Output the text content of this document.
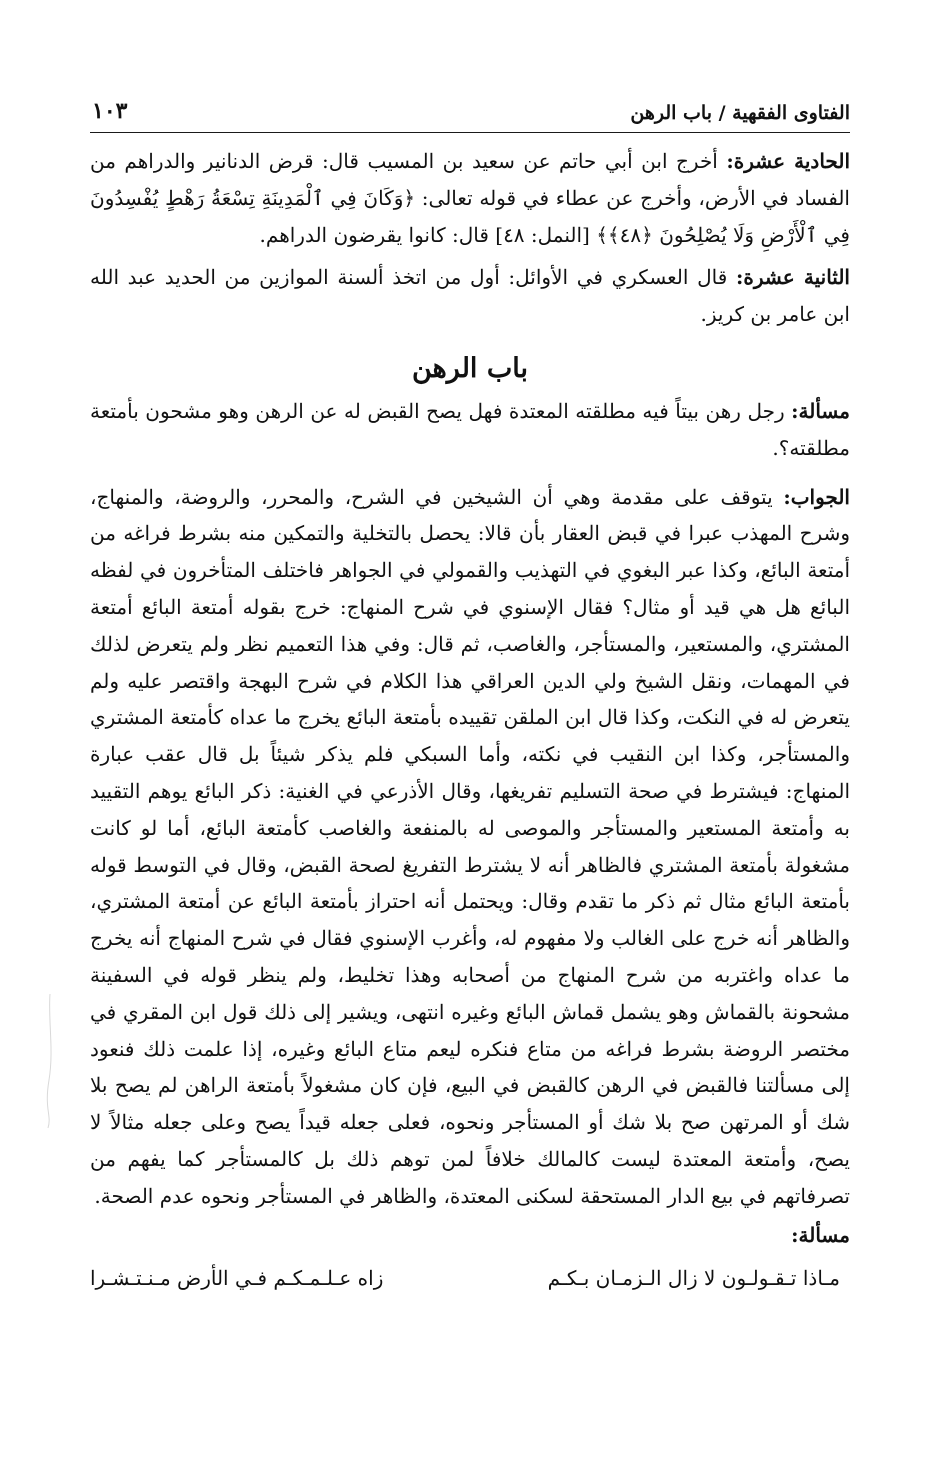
الفتاوى الفقهية / باب الرهن
١٠٣

الحادية عشرة: أخرج ابن أبي حاتم عن سعيد بن المسيب قال: قرض الدنانير والدراهم من الفساد في الأرض، وأخرج عن عطاء في قوله تعالى: ﴿وَكَانَ فِي ٱلْمَدِينَةِ تِسْعَةُ رَهْطٍ يُفْسِدُونَ فِي ٱلْأَرْضِ وَلَا يُصْلِحُونَ ﴿٤٨﴾﴾ [النمل: ٤٨] قال: كانوا يقرضون الدراهم.

الثانية عشرة: قال العسكري في الأوائل: أول من اتخذ ألسنة الموازين من الحديد عبد الله ابن عامر بن كريز.

باب الرهن

مسألة: رجل رهن بيتاً فيه مطلقته المعتدة فهل يصح القبض له عن الرهن وهو مشحون بأمتعة مطلقته؟.

الجواب: يتوقف على مقدمة وهي أن الشيخين في الشرح، والمحرر، والروضة، والمنهاج، وشرح المهذب عبرا في قبض العقار بأن قالا: يحصل بالتخلية والتمكين منه بشرط فراغه من أمتعة البائع، وكذا عبر البغوي في التهذيب والقمولي في الجواهر فاختلف المتأخرون في لفظه البائع هل هي قيد أو مثال؟ فقال الإسنوي في شرح المنهاج: خرج بقوله أمتعة البائع أمتعة المشتري، والمستعير، والمستأجر، والغاصب، ثم قال: وفي هذا التعميم نظر ولم يتعرض لذلك في المهمات، ونقل الشيخ ولي الدين العراقي هذا الكلام في شرح البهجة واقتصر عليه ولم يتعرض له في النكت، وكذا قال ابن الملقن تقييده بأمتعة البائع يخرج ما عداه كأمتعة المشتري والمستأجر، وكذا ابن النقيب في نكته، وأما السبكي فلم يذكر شيئاً بل قال عقب عبارة المنهاج: فيشترط في صحة التسليم تفريغها، وقال الأذرعي في الغنية: ذكر البائع يوهم التقييد به وأمتعة المستعير والمستأجر والموصى له بالمنفعة والغاصب كأمتعة البائع، أما لو كانت مشغولة بأمتعة المشتري فالظاهر أنه لا يشترط التفريغ لصحة القبض، وقال في التوسط قوله بأمتعة البائع مثال ثم ذكر ما تقدم وقال: ويحتمل أنه احتراز بأمتعة البائع عن أمتعة المشتري، والظاهر أنه خرج على الغالب ولا مفهوم له، وأغرب الإسنوي فقال في شرح المنهاج أنه يخرج ما عداه واغتربه من شرح المنهاج من أصحابه وهذا تخليط، ولم ينظر قوله في السفينة مشحونة بالقماش وهو يشمل قماش البائع وغيره انتهى، ويشير إلى ذلك قول ابن المقري في مختصر الروضة بشرط فراغه من متاع فنكره ليعم متاع البائع وغيره، إذا علمت ذلك فنعود إلى مسألتنا فالقبض في الرهن كالقبض في البيع، فإن كان مشغولاً بأمتعة الراهن لم يصح بلا شك أو المرتهن صح بلا شك أو المستأجر ونحوه، فعلى جعله قيداً يصح وعلى جعله مثالاً لا يصح، وأمتعة المعتدة ليست كالمالك خلافاً لمن توهم ذلك بل كالمستأجر كما يفهم من تصرفاتهم في بيع الدار المستحقة لسكنى المعتدة، والظاهر في المستأجر ونحوه عدم الصحة.

مسألة:
مـاذا تـقـولـون لا زال الـزمـان بـكـم
زاه عـلـمـكـم فـي الأرض مـنـتـشـرا
